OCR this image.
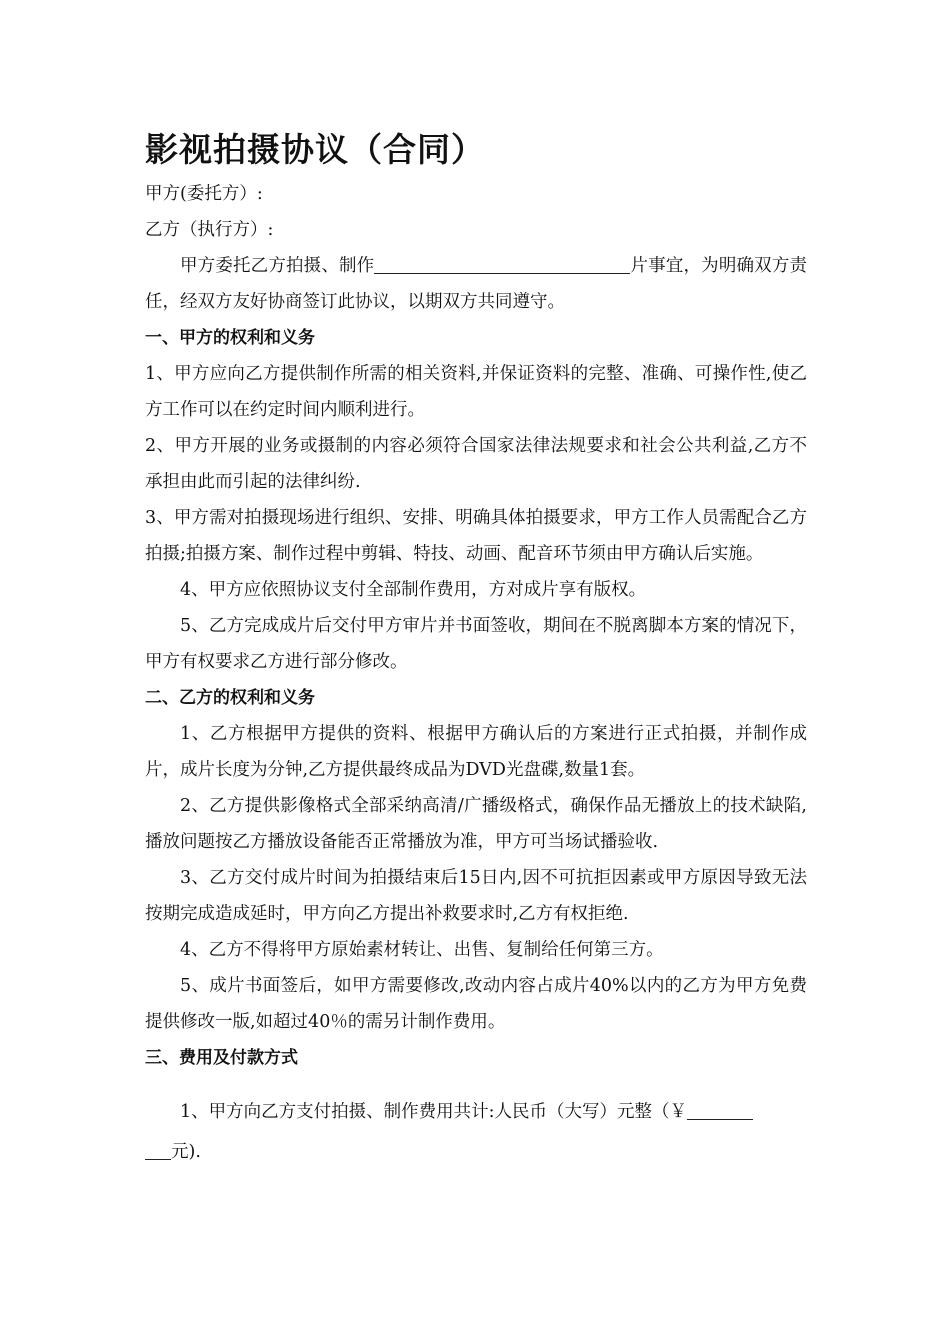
影视拍摄协议（合同）

甲方(委托方）:

乙方（执行方）:

甲方委托乙方拍摄、制作	片事宜，为明确双方责任，经双方友好协商签订此协议，以期双方共同遵守。

一、甲方的权利和义务

1、甲方应向乙方提供制作所需的相关资料,并保证资料的完整、准确、可操作性,使乙方工作可以在约定时间内顺利进行。

2、甲方开展的业务或摄制的内容必须符合国家法律法规要求和社会公共利益,乙方不承担由此而引起的法律纠纷.

3、甲方需对拍摄现场进行组织、安排、明确具体拍摄要求，甲方工作人员需配合乙方拍摄;拍摄方案、制作过程中剪辑、特技、动画、配音环节须由甲方确认后实施。

4、甲方应依照协议支付全部制作费用，方对成片享有版权。

5、乙方完成成片后交付甲方审片并书面签收，期间在不脱离脚本方案的情况下，甲方有权要求乙方进行部分修改。

二、乙方的权利和义务

1、乙方根据甲方提供的资料、根据甲方确认后的方案进行正式拍摄，并制作成片，成片长度为分钟,乙方提供最终成品为DVD光盘碟,数量1套。

2、乙方提供影像格式全部采纳高清/广播级格式，确保作品无播放上的技术缺陷,播放问题按乙方播放设备能否正常播放为准，甲方可当场试播验收.

3、乙方交付成片时间为拍摄结束后15日内,因不可抗拒因素或甲方原因导致无法按期完成造成延时，甲方向乙方提出补救要求时,乙方有权拒绝.

4、乙方不得将甲方原始素材转让、出售、复制给任何第三方。

5、成片书面签后，如甲方需要修改,改动内容占成片40%以内的乙方为甲方免费提供修改一版,如超过40％的需另计制作费用。

三、费用及付款方式

1、甲方向乙方支付拍摄、制作费用共计:人民币（大写）元整（￥

元).
